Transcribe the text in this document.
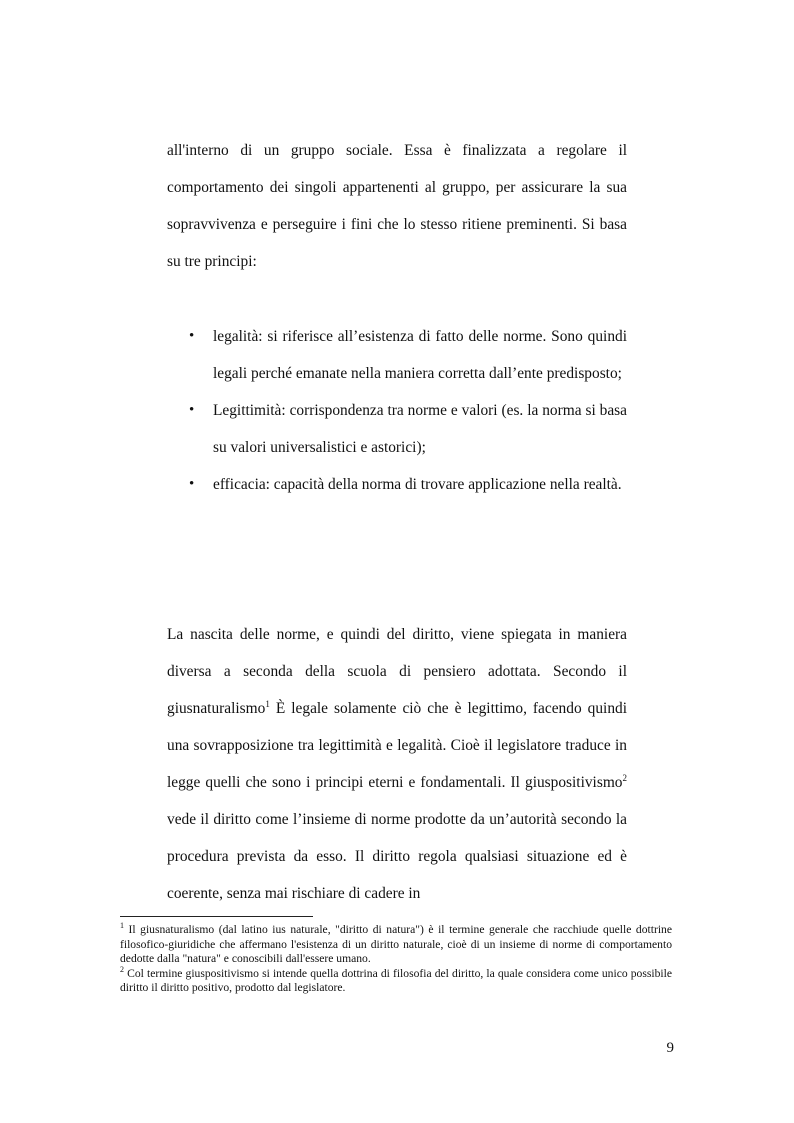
all'interno di un gruppo sociale. Essa è finalizzata a regolare il comportamento dei singoli appartenenti al gruppo, per assicurare la sua sopravvivenza e perseguire i fini che lo stesso ritiene preminenti. Si basa su tre principi:

• legalità: si riferisce all’esistenza di fatto delle norme. Sono quindi legali perché emanate nella maniera corretta dall’ente predisposto;
• Legittimità: corrispondenza tra norme e valori (es. la norma si basa su valori universalistici e astorici);
• efficacia: capacità della norma di trovare applicazione nella realtà.

La nascita delle norme, e quindi del diritto, viene spiegata in maniera diversa a seconda della scuola di pensiero adottata. Secondo il giusnaturalismo$^1$ È legale solamente ciò che è legittimo, facendo quindi una sovrapposizione tra legittimità e legalità. Cioè il legislatore traduce in legge quelli che sono i principi eterni e fondamentali. Il giuspositivismo$^2$ vede il diritto come l’insieme di norme prodotte da un’autorità secondo la procedura prevista da esso. Il diritto regola qualsiasi situazione ed è coerente, senza mai rischiare di cadere in

$^1$ Il giusnaturalismo (dal latino ius naturale, "diritto di natura") è il termine generale che racchiude quelle dottrine filosofico-giuridiche che affermano l'esistenza di un diritto naturale, cioè di un insieme di norme di comportamento dedotte dalla "natura" e conoscibili dall'essere umano.

$^2$ Col termine giuspositivismo si intende quella dottrina di filosofia del diritto, la quale considera come unico possibile diritto il diritto positivo, prodotto dal legislatore.

9
